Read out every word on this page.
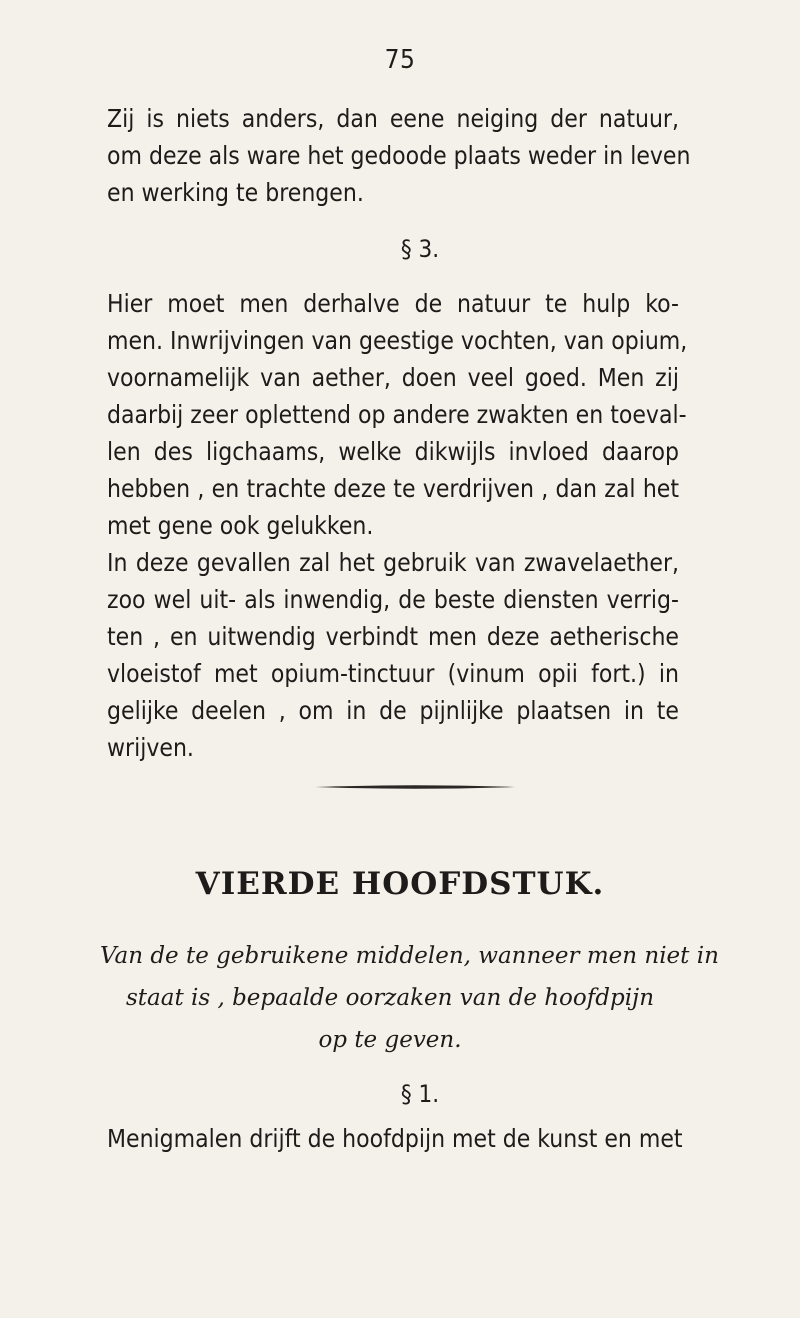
75
Zij is niets anders, dan eene neiging der natuur,
om deze als ware het gedoode plaats weder in leven
en werking te brengen.
§ 3.
Hier moet men derhalve de natuur te hulp ko-
men. Inwrijvingen van geestige vochten, van opium,
voornamelijk van aether, doen veel goed. Men zij
daarbij zeer oplettend op andere zwakten en toeval-
len des ligchaams, welke dikwijls invloed daarop
hebben , en trachte deze te verdrijven , dan zal het
met gene ook gelukken.
In deze gevallen zal het gebruik van zwavelaether,
zoo wel uit- als inwendig, de beste diensten verrig-
ten , en uitwendig verbindt men deze aetherische
vloeistof met opium-tinctuur (vinum opii fort.) in
gelijke deelen , om in de pijnlijke plaatsen in te
wrijven.
VIERDE HOOFDSTUK.
Van de te gebruikene middelen, wanneer men niet in
staat is , bepaalde oorzaken van de hoofdpijn
op te geven.
§ 1.
Menigmalen drijft de hoofdpijn met de kunst en met
